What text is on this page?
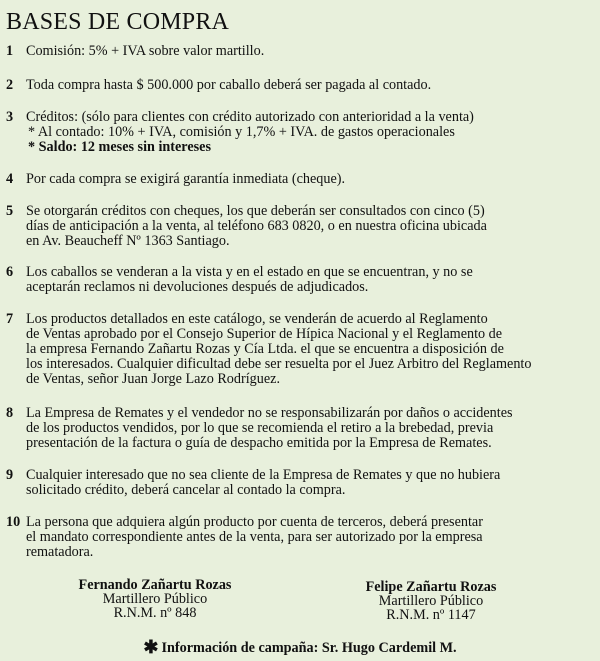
BASES DE COMPRA
1 Comisión: 5% + IVA sobre valor martillo.
2 Toda compra hasta $ 500.000 por caballo deberá ser pagada al contado.
3 Créditos: (sólo para clientes con crédito autorizado con anterioridad a la venta)
* Al contado: 10% + IVA, comisión y 1,7% + IVA. de gastos operacionales
* Saldo: 12 meses sin intereses
4 Por cada compra se exigirá garantía inmediata (cheque).
5 Se otorgarán créditos con cheques, los que deberán ser consultados con cinco (5)
días de anticipación a la venta, al teléfono 683 0820, o en nuestra oficina ubicada
en Av. Beaucheff Nº 1363 Santiago.
6 Los caballos se venderan a la vista y en el estado en que se encuentran, y no se
aceptarán reclamos ni devoluciones después de adjudicados.
7 Los productos detallados en este catálogo, se venderán de acuerdo al Reglamento
de Ventas aprobado por el Consejo Superior de Hípica Nacional y el Reglamento de
la empresa Fernando Zañartu Rozas y Cía Ltda. el que se encuentra a disposición de
los interesados. Cualquier dificultad debe ser resuelta por el Juez Arbitro del Reglamento
de Ventas, señor Juan Jorge Lazo Rodríguez.
8 La Empresa de Remates y el vendedor no se responsabilizarán por daños o accidentes
de los productos vendidos, por lo que se recomienda el retiro a la brebedad, previa
presentación de la factura o guía de despacho emitida por la Empresa de Remates.
9 Cualquier interesado que no sea cliente de la Empresa de Remates y que no hubiera
solicitado crédito, deberá cancelar al contado la compra.
10 La persona que adquiera algún producto por cuenta de terceros, deberá presentar
el mandato correspondiente antes de la venta, para ser autorizado por la empresa
rematadora.
Fernando Zañartu Rozas
Martillero Público
R.N.M. nº 848
Felipe Zañartu Rozas
Martillero Público
R.N.M. nº 1147
✱ Información de campaña: Sr. Hugo Cardemil M.
